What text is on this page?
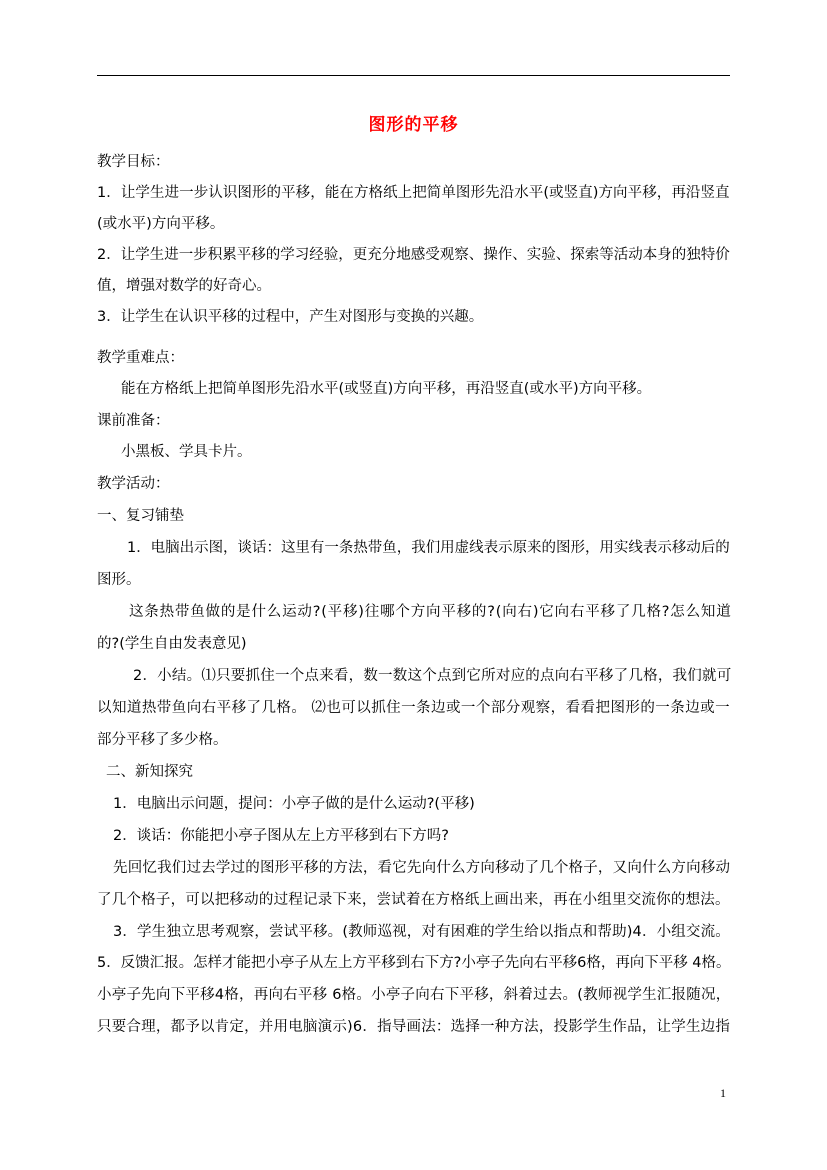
图形的平移
教学目标：
1．让学生进一步认识图形的平移，能在方格纸上把简单图形先沿水平(或竖直)方向平移，再沿竖直
(或水平)方向平移。
2．让学生进一步积累平移的学习经验，更充分地感受观察、操作、实验、探索等活动本身的独特价
值，增强对数学的好奇心。
3．让学生在认识平移的过程中，产生对图形与变换的兴趣。
教学重难点：
能在方格纸上把简单图形先沿水平(或竖直)方向平移，再沿竖直(或水平)方向平移。
课前准备：
小黑板、学具卡片。
教学活动：
一、复习铺垫
1．电脑出示图，谈话：这里有一条热带鱼，我们用虚线表示原来的图形，用实线表示移动后的
图形。
这条热带鱼做的是什么运动?(平移)往哪个方向平移的?(向右)它向右平移了几格?怎么知道
的?(学生自由发表意见)
2．小结。⑴只要抓住一个点来看，数一数这个点到它所对应的点向右平移了几格，我们就可
以知道热带鱼向右平移了几格。 ⑵也可以抓住一条边或一个部分观察，看看把图形的一条边或一
部分平移了多少格。
二、新知探究
1．电脑出示问题，提问：小亭子做的是什么运动?(平移)
2．谈话：你能把小亭子图从左上方平移到右下方吗?
先回忆我们过去学过的图形平移的方法，看它先向什么方向移动了几个格子，又向什么方向移动
了几个格子，可以把移动的过程记录下来，尝试着在方格纸上画出来，再在小组里交流你的想法。
3．学生独立思考观察，尝试平移。(教师巡视，对有困难的学生给以指点和帮助)4．小组交流。
5．反馈汇报。怎样才能把小亭子从左上方平移到右下方?小亭子先向右平移6格，再向下平移 4格。
小亭子先向下平移4格，再向右平移 6格。小亭子向右下平移，斜着过去。(教师视学生汇报随况，
只要合理，都予以肯定，并用电脑演示)6．指导画法：选择一种方法，投影学生作品，让学生边指
1
